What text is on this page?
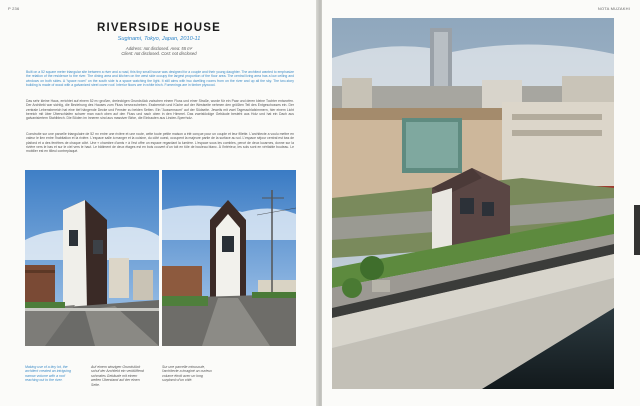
P 236
RIVERSIDE HOUSE
Suginami, Tokyo, Japan, 2010-11
Address: not disclosed. Area: 55 m²
Client: not disclosed. Cost: not disclosed

Built on a 52 square meter triangular site between a river and a road, this tiny small house was designed for a couple and their young daughter. The architect wanted to emphasize the relation of the residence to the river. The dining area and kitchen on the west side occupy the largest proportion of the floor area. The central living area has a low ceiling and windows on both sides. A "space room" on the south side is a space watching the light. It still aims with two dwelling rooms from on the river and up all the sky. The two-story building is made of wood with a galvanized steel cover roof. Interior floors are in white birch. Fomenings are in timber plywood.

Das sehr kleine Haus, errichtet auf einem 52 m² großen, dreieckigen Grundstück zwischen einem Fluss und einer Straße, wurde für ein Paar und deren kleine Tochter entworfen. Der Architekt war sichtig, die Beziehung des Hauses zum Fluss hervorzuheben. Essbereich und Küche auf der Westseite nehmen den größten Teil des Entgeschosses ein. Der zentrale Lebensbereich hat eine tief hängende Decke und Fenster zu beiden Seiten. Ein "Aussenraum" auf der Südseite. Jeweils mit zwei Tagesschlafzimmern, hier einem Licht bereich mit über Überschlafen schwer man nach oben auf den Fluss und nach oben in den Himmel. Das zweistöckige Gebäude besteht aus Holz und hat ein Dach aus galvanisiertem Stahlblech. Die Böden im Inneren sind aus massiver Birke, die Einbauten aus Linden-Sperrholz.

Construite sur une parcelle triangulaire de 52 m² entre une rivière et une route, cette toute petite maison a été conçue pour un couple et leur fillette. L'architecte a voulu mettre en valeur le lien entre l'habitation et la rivière. L'espace salle à manger et la cuisine, du côté ouest, occupent la majeure partie de la surface au sol. L'espace séjour central est bas de plafond et a des fenêtres de chaque côté. Une « chambre d'amis » à l'est offre un espace regardant la lumière. L'espace sous les combles, percé de deux lucarnes, donne sur la rivière vers le bas et sur le ciel vers le haut. Le bâtiment de deux étages est en bois couvert d'un toit en tôle de bouleau blanc. À l'intérieur, les sols sont en véritable bouleau. Le mobilier est en tilleul contreplaqué.

Making use of a tiny lot, the architect created an intriguing narrow volume with a roof reaching out to the river.

Auf einem winzigen Grundstück schuf der Architekt ein verblüffend schmales Gebäude mit einem weiten Überstand auf der einen Seite.

Sur une parcelle minuscule, l'architecte a imaginé un curieux volume étroit avec un long surplomb d'un côté.

NOTA MUZAKHI
